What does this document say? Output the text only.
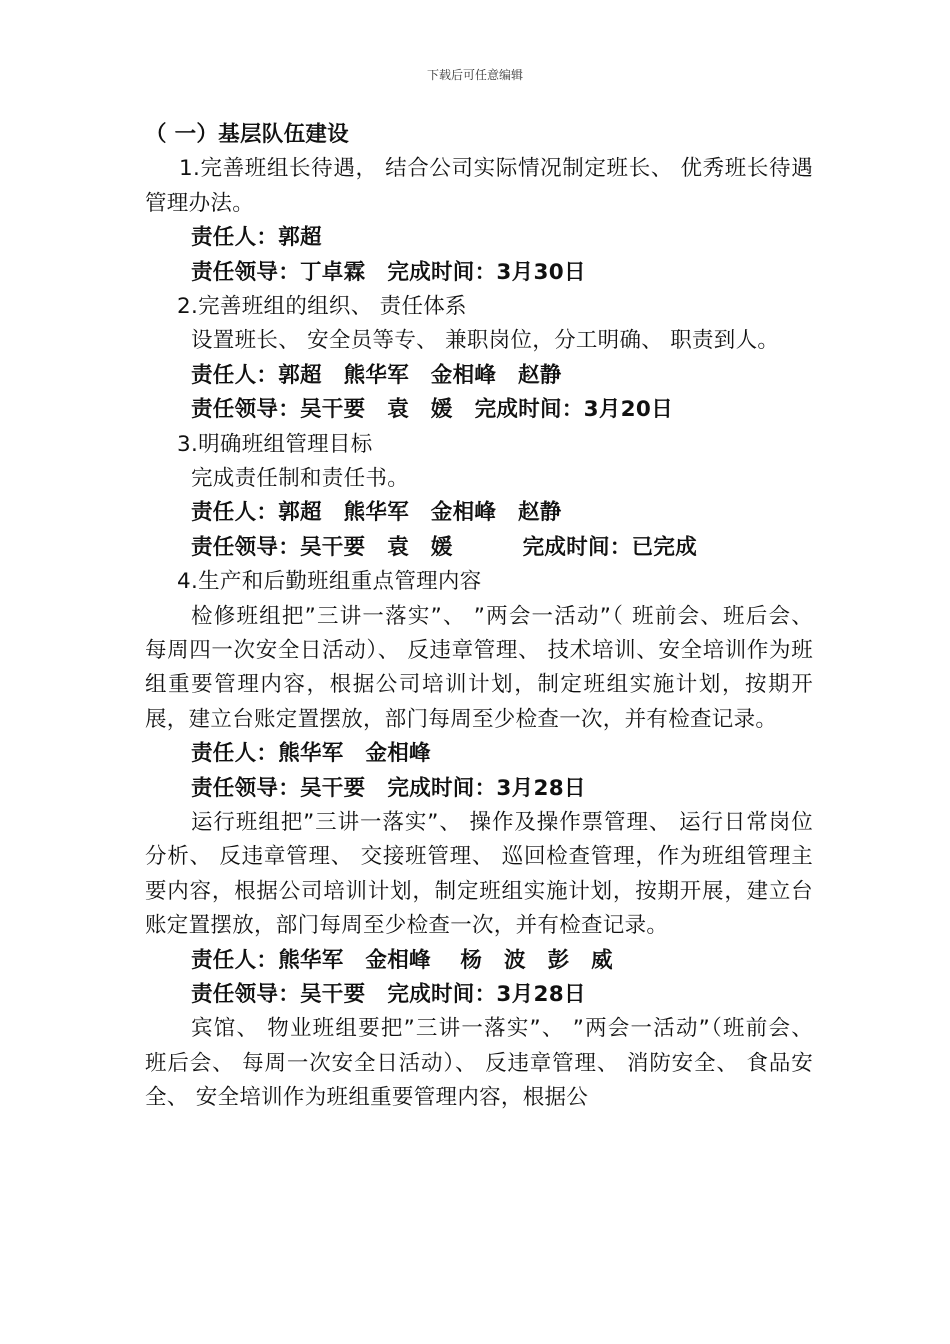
下载后可任意编辑
（ 一）基层队伍建设
1.完善班组长待遇， 结合公司实际情况制定班长、 优秀班长待遇管理办法。
责任人：郭超
责任领导：丁卓霖 完成时间：3月30日
2.完善班组的组织、 责任体系
设置班长、 安全员等专、 兼职岗位，分工明确、 职责到人。
责任人：郭超　熊华军　金相峰　赵静
责任领导：吴干要　袁　媛 完成时间：3月20日
3.明确班组管理目标
完成责任制和责任书。
责任人：郭超　熊华军　金相峰　赵静
责任领导：吴干要　袁　媛	完成时间：已完成
4.生产和后勤班组重点管理内容
检修班组把”三讲一落实”、 ”两会一活动”（ 班前会、班后会、 每周四一次安全日活动）、 反违章管理、 技术培训、安全培训作为班组重要管理内容，根据公司培训计划，制定班组实施计划，按期开展，建立台账定置摆放，部门每周至少检查一次，并有检查记录。
责任人：熊华军　金相峰
责任领导：吴干要 完成时间：3月28日
运行班组把”三讲一落实”、 操作及操作票管理、 运行日常岗位分析、 反违章管理、 交接班管理、 巡回检查管理，作为班组管理主要内容，根据公司培训计划，制定班组实施计划，按期开展，建立台账定置摆放，部门每周至少检查一次，并有检查记录。
责任人：熊华军　金相峰　 杨　波　彭　威
责任领导：吴干要 完成时间：3月28日
宾馆、 物业班组要把”三讲一落实”、 ”两会一活动”（班前会、 班后会、 每周一次安全日活动）、 反违章管理、 消防安全、 食品安全、 安全培训作为班组重要管理内容，根据公
